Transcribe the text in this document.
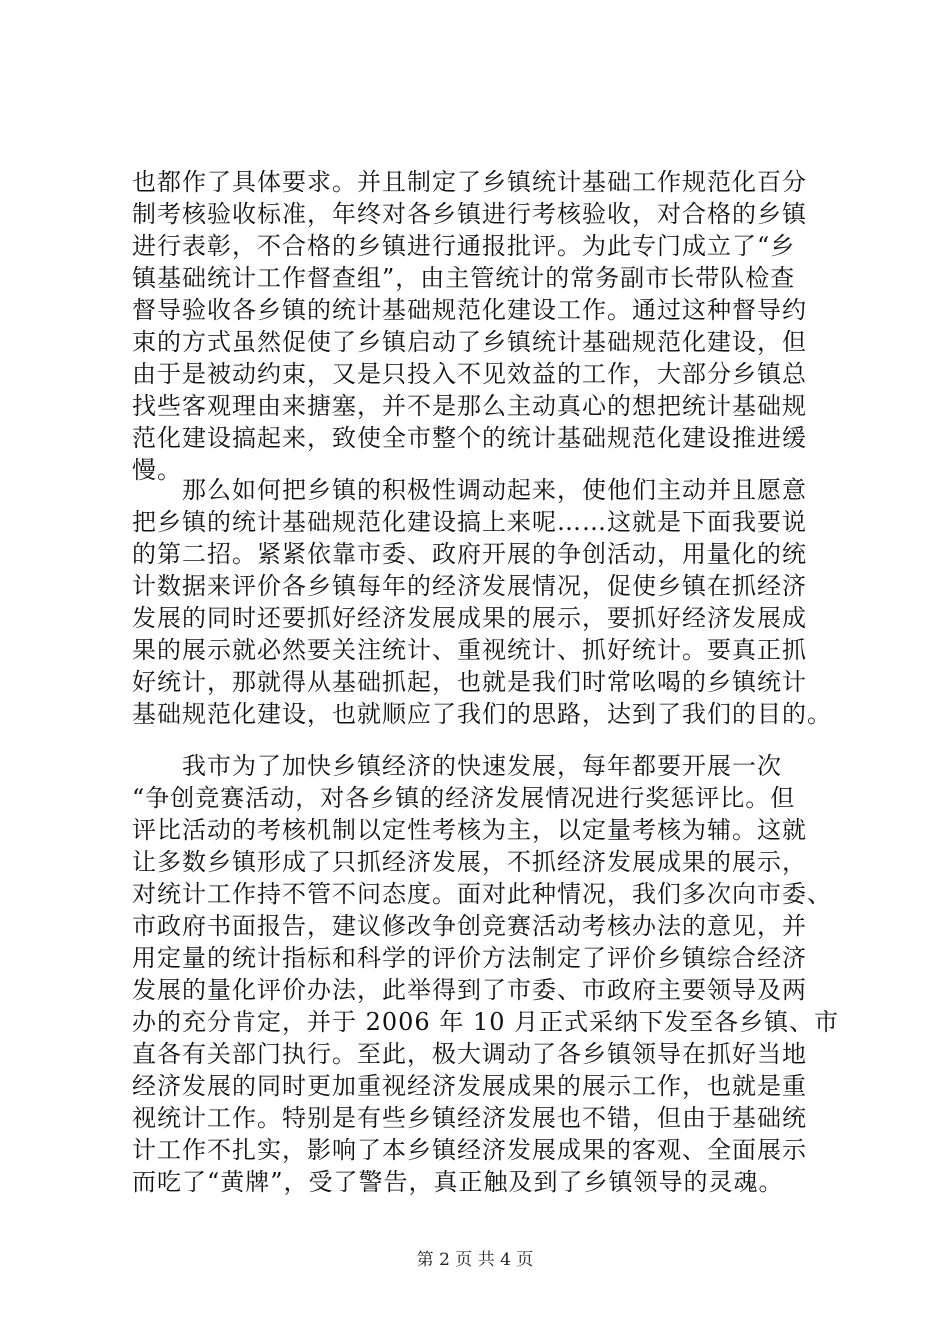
也都作了具体要求。并且制定了乡镇统计基础工作规范化百分
制考核验收标准，年终对各乡镇进行考核验收，对合格的乡镇
进行表彰，不合格的乡镇进行通报批评。为此专门成立了“乡
镇基础统计工作督查组”，由主管统计的常务副市长带队检查
督导验收各乡镇的统计基础规范化建设工作。通过这种督导约
束的方式虽然促使了乡镇启动了乡镇统计基础规范化建设，但
由于是被动约束，又是只投入不见效益的工作，大部分乡镇总
找些客观理由来搪塞，并不是那么主动真心的想把统计基础规
范化建设搞起来，致使全市整个的统计基础规范化建设推进缓
慢。
　　那么如何把乡镇的积极性调动起来，使他们主动并且愿意
把乡镇的统计基础规范化建设搞上来呢……这就是下面我要说
的第二招。紧紧依靠市委、政府开展的争创活动，用量化的统
计数据来评价各乡镇每年的经济发展情况，促使乡镇在抓经济
发展的同时还要抓好经济发展成果的展示，要抓好经济发展成
果的展示就必然要关注统计、重视统计、抓好统计。要真正抓
好统计，那就得从基础抓起，也就是我们时常吆喝的乡镇统计
基础规范化建设，也就顺应了我们的思路，达到了我们的目的。
　　我市为了加快乡镇经济的快速发展，每年都要开展一次
“争创竞赛活动，对各乡镇的经济发展情况进行奖惩评比。但
评比活动的考核机制以定性考核为主，以定量考核为辅。这就
让多数乡镇形成了只抓经济发展，不抓经济发展成果的展示，
对统计工作持不管不问态度。面对此种情况，我们多次向市委、
市政府书面报告，建议修改争创竞赛活动考核办法的意见，并
用定量的统计指标和科学的评价方法制定了评价乡镇综合经济
发展的量化评价办法，此举得到了市委、市政府主要领导及两
办的充分肯定，并于 2006 年 10 月正式采纳下发至各乡镇、市
直各有关部门执行。至此，极大调动了各乡镇领导在抓好当地
经济发展的同时更加重视经济发展成果的展示工作，也就是重
视统计工作。特别是有些乡镇经济发展也不错，但由于基础统
计工作不扎实，影响了本乡镇经济发展成果的客观、全面展示
而吃了“黄牌”，受了警告，真正触及到了乡镇领导的灵魂。
第 2 页 共 4 页
